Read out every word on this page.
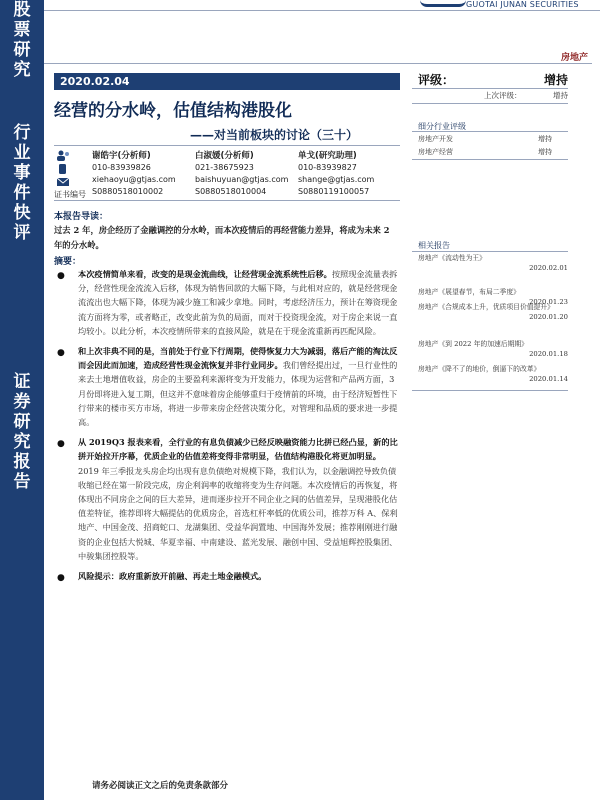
股
票
研
究
行
业
事
件
快
评
证
券
研
究
报
告
GUOTAI JUNAN SECURITIES
房地产
2020.02.04
经营的分水岭，估值结构港股化
——对当前板块的讨论（三十）
谢皓宇(分析师)
010-83939826
xiehaoyu@gtjas.com
S0880518010002
白淑媛(分析师)
021-38675923
baishuyuan@gtjas.com
S0880518010004
单戈(研究助理)
010-83939827
shange@gtjas.com
S0880119100057
证书编号
本报告导读：
过去 2 年，房企经历了金融调控的分水岭，而本次疫情后的再经营能力差异，将成为未来 2 年的分水岭。
摘要：
● 本次疫情简单来看，改变的是现金流曲线，让经营现金流系统性后移。按照现金流量表拆分，经营性现金流流入后移，体现为销售回款的大幅下降，与此相对应的，就是经营现金流流出也大幅下降，体现为减少施工和减少拿地。同时，考虑经济压力，预计在筹资现金流方面将为零，或者略正，改变此前为负的局面，而对于投资现金流，对于房企来说一直均较小。以此分析，本次疫情所带来的直接风险，就是在于现金流重新再匹配风险。
● 和上次非典不同的是，当前处于行业下行周期，使得恢复力大为减弱，落后产能的淘汰反而会因此而加速，造成经营性现金流恢复并非行业同步。我们曾经提出过，一旦行业性的来去土地增值收益，房企的主要盈利来源将变为开发能力，体现为运营和产品两方面，3 月份即将进入复工期，但这并不意味着房企能够重归于疫情前的环境，由于经济短暂性下行带来的楼市买方市场，将进一步带来房企经营决策分化，对管理和品质的要求进一步提高。
● 从 2019Q3 报表来看，全行业的有息负债减少已经反映融资能力比拼已经凸显，新的比拼开始拉开序幕，优质企业的估值差将变得非常明显，估值结构港股化将更加明显。2019 年三季报龙头房企均出现有息负债绝对规模下降，我们认为，以金融调控导致负债收缩已经在第一阶段完成，房企利润率的收缩将变为生存问题。本次疫情后的再恢复，将体现出不同房企之间的巨大差异，进而逐步拉开不同企业之间的估值差异，呈现港股化估值差特征，推荐即将大幅提估的优质房企，首选杠杆率低的优质公司，推荐万科 A、保利地产、中国金茂、招商蛇口、龙湖集团、受益华润置地、中国海外发展；推荐刚刚进行融资的企业包括大悦城、华夏幸福、中南建设、蓝光发展、融创中国、受益旭辉控股集团、中骏集团控股等。
● 风险提示：政府重新放开前融、再走土地金融模式。
请务必阅读正文之后的免责条款部分
评级：	增持
上次评级：	增持
细分行业评级
房地产开发	增持
房地产经营	增持
相关报告
房地产《流动性为王》
2020.02.01
房地产《展望春节，布局二季度》
2020.01.23
房地产《合规成本上升，优质项目价值提升》
2020.01.20
房地产《到 2022 年的加速后期期》
2020.01.18
房地产《降不了的地价，倒逼下的改革》
2020.01.14
